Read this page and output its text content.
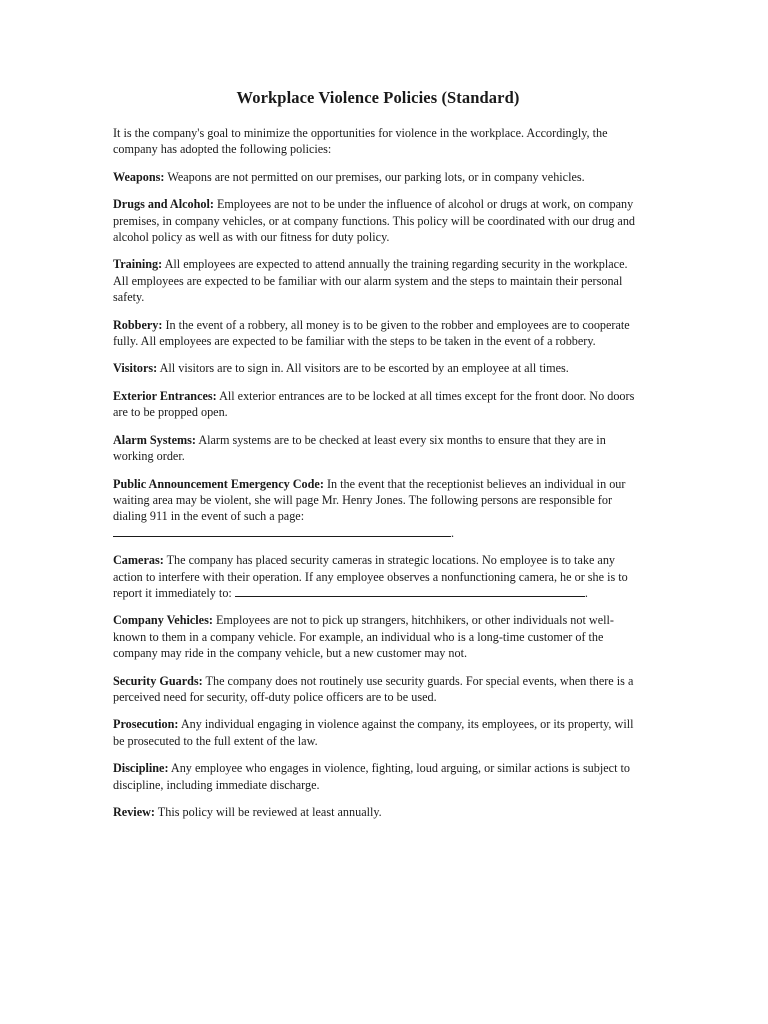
Workplace Violence Policies (Standard)

It is the company's goal to minimize the opportunities for violence in the workplace. Accordingly, the company has adopted the following policies:

Weapons: Weapons are not permitted on our premises, our parking lots, or in company vehicles.

Drugs and Alcohol: Employees are not to be under the influence of alcohol or drugs at work, on company premises, in company vehicles, or at company functions. This policy will be coordinated with our drug and alcohol policy as well as with our fitness for duty policy.

Training: All employees are expected to attend annually the training regarding security in the workplace. All employees are expected to be familiar with our alarm system and the steps to maintain their personal safety.

Robbery: In the event of a robbery, all money is to be given to the robber and employees are to cooperate fully. All employees are expected to be familiar with the steps to be taken in the event of a robbery.

Visitors: All visitors are to sign in. All visitors are to be escorted by an employee at all times.

Exterior Entrances: All exterior entrances are to be locked at all times except for the front door. No doors are to be propped open.

Alarm Systems: Alarm systems are to be checked at least every six months to ensure that they are in working order.

Public Announcement Emergency Code: In the event that the receptionist believes an individual in our waiting area may be violent, she will page Mr. Henry Jones. The following persons are responsible for dialing 911 in the event of such a page:
.

Cameras: The company has placed security cameras in strategic locations. No employee is to take any action to interfere with their operation. If any employee observes a nonfunctioning camera, he or she is to report it immediately to:	.

Company Vehicles: Employees are not to pick up strangers, hitchhikers, or other individuals not well-known to them in a company vehicle. For example, an individual who is a long-time customer of the company may ride in the company vehicle, but a new customer may not.

Security Guards: The company does not routinely use security guards. For special events, when there is a perceived need for security, off-duty police officers are to be used.

Prosecution: Any individual engaging in violence against the company, its employees, or its property, will be prosecuted to the full extent of the law.

Discipline: Any employee who engages in violence, fighting, loud arguing, or similar actions is subject to discipline, including immediate discharge.

Review: This policy will be reviewed at least annually.
